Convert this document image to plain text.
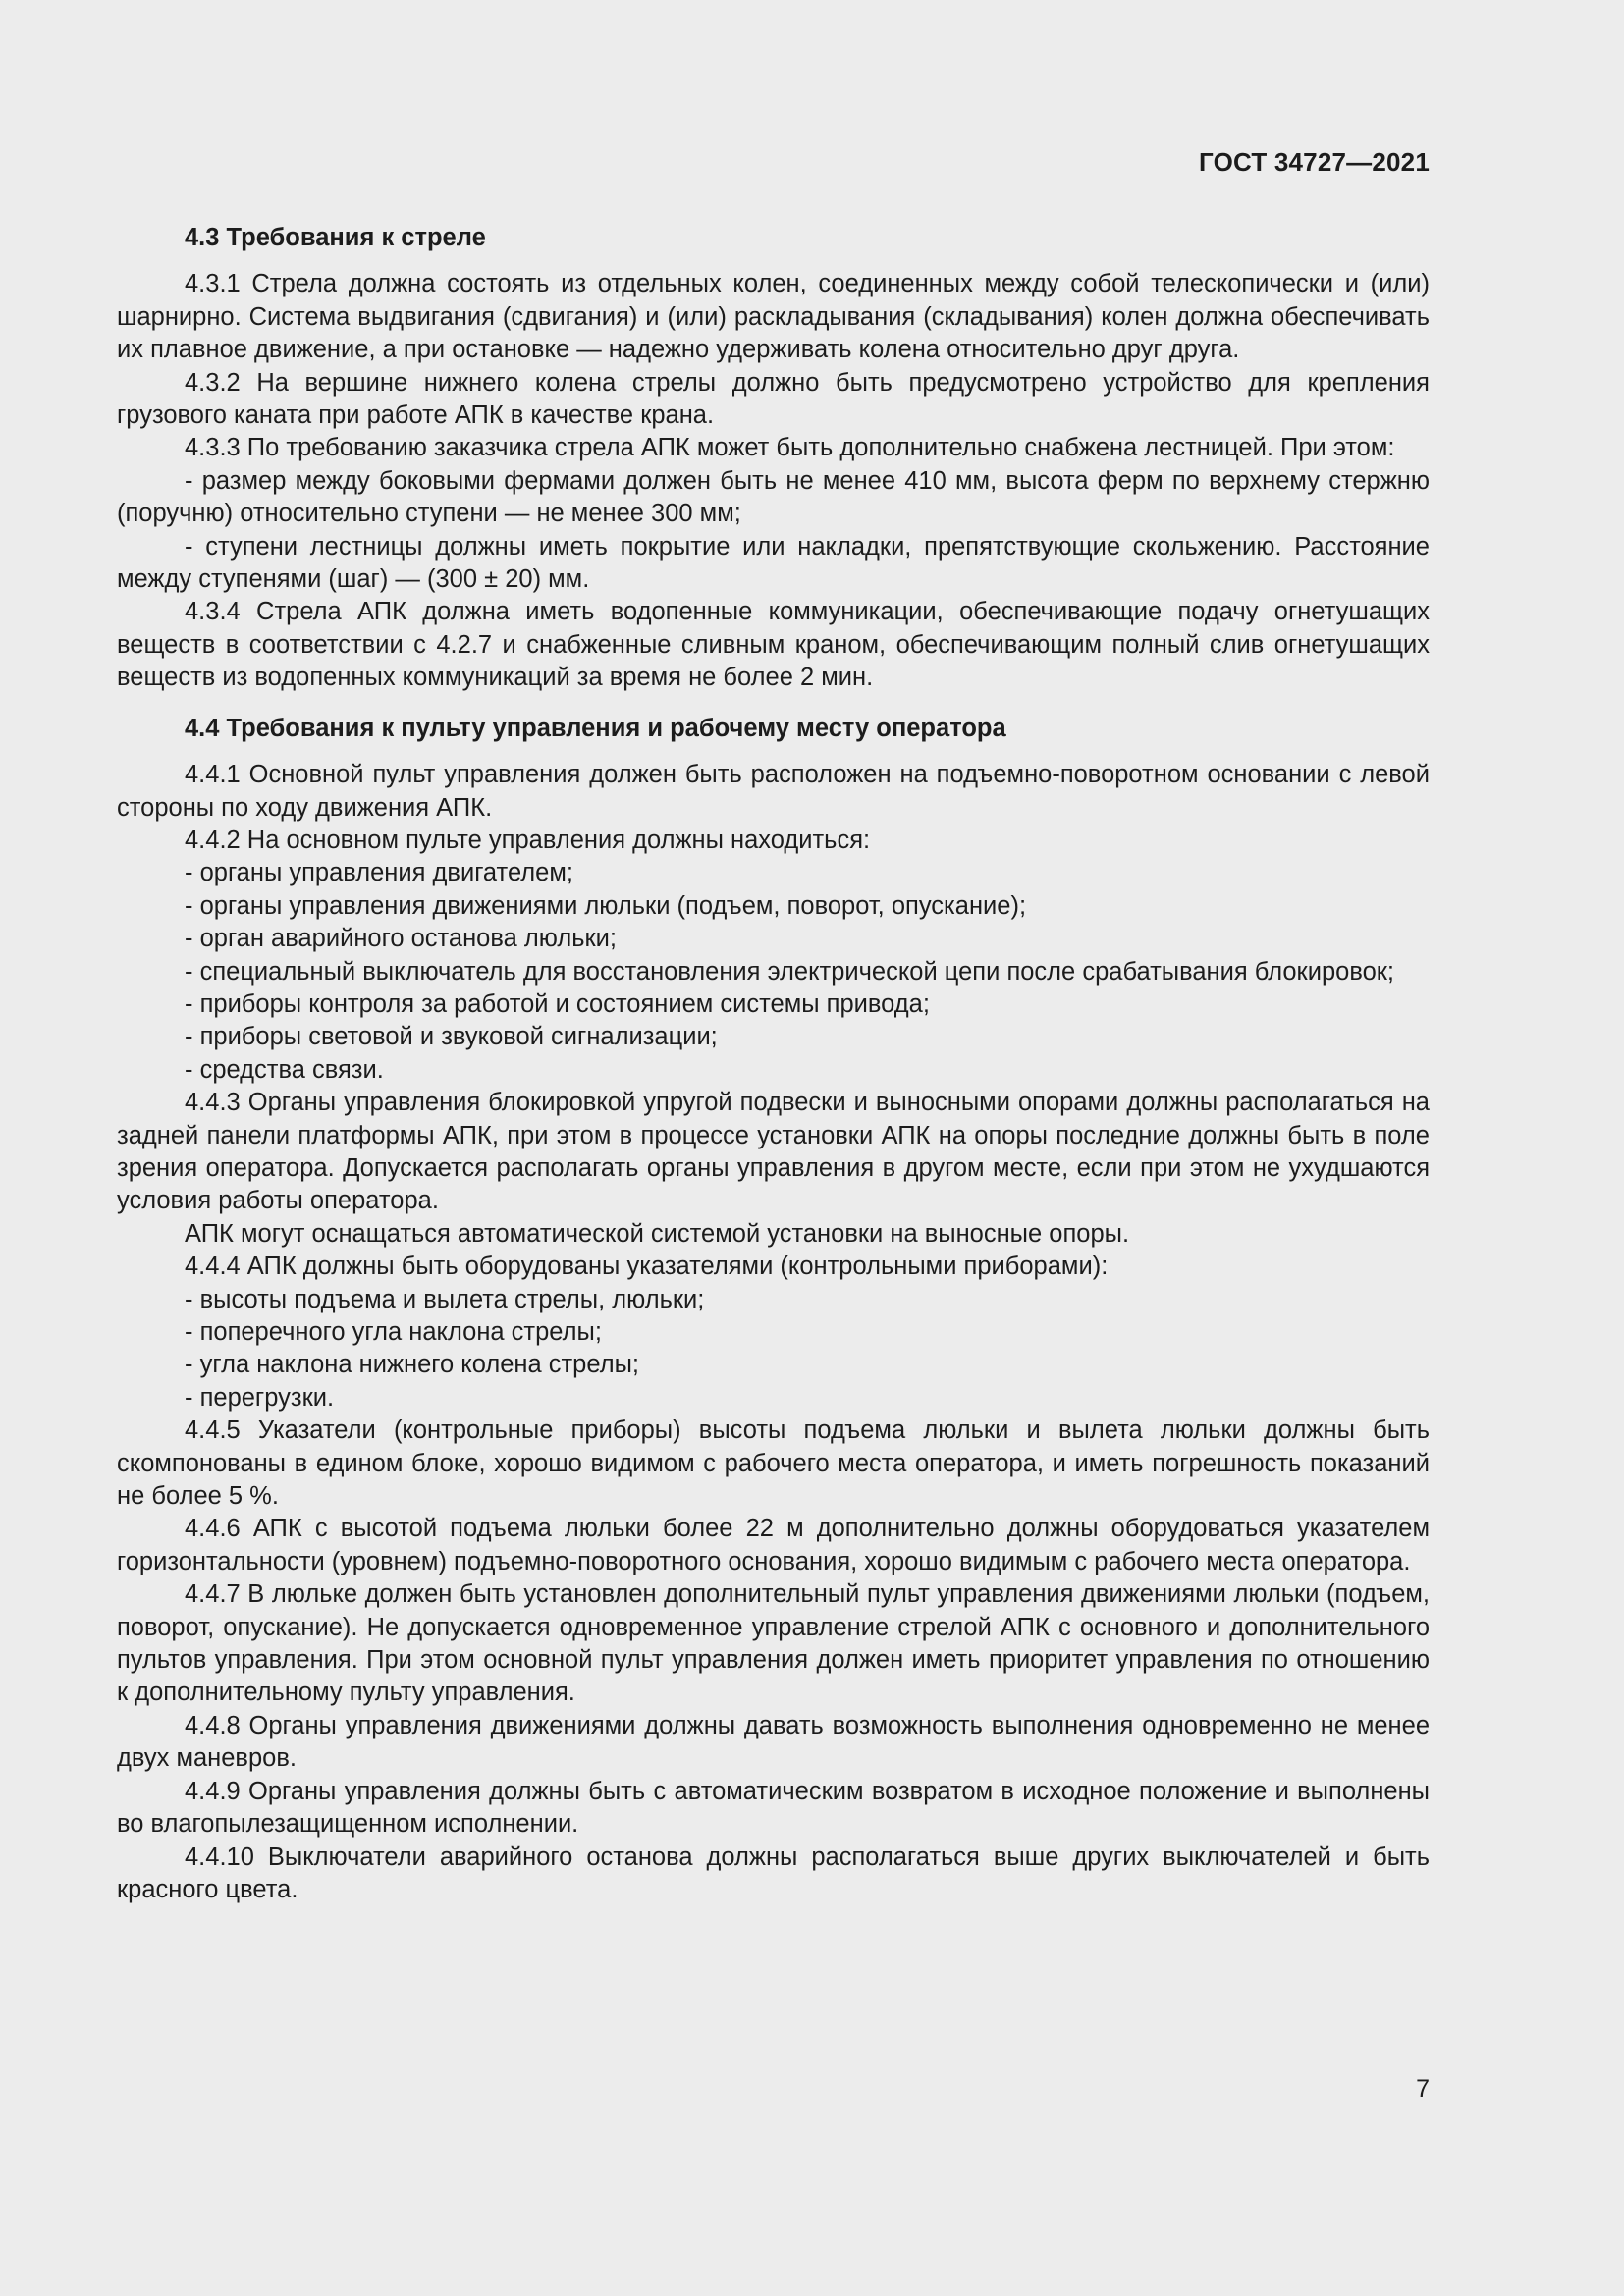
ГОСТ 34727—2021
4.3 Требования к стреле

4.3.1 Стрела должна состоять из отдельных колен, соединенных между собой телескопически и (или) шарнирно. Система выдвигания (сдвигания) и (или) раскладывания (складывания) колен должна обеспечивать их плавное движение, а при остановке — надежно удерживать колена относительно друг друга.

4.3.2 На вершине нижнего колена стрелы должно быть предусмотрено устройство для крепления грузового каната при работе АПК в качестве крана.

4.3.3 По требованию заказчика стрела АПК может быть дополнительно снабжена лестницей. При этом:

- размер между боковыми фермами должен быть не менее 410 мм, высота ферм по верхнему стержню (поручню) относительно ступени — не менее 300 мм;

- ступени лестницы должны иметь покрытие или накладки, препятствующие скольжению. Расстояние между ступенями (шаг) — (300 ± 20) мм.

4.3.4 Стрела АПК должна иметь водопенные коммуникации, обеспечивающие подачу огнетушащих веществ в соответствии с 4.2.7 и снабженные сливным краном, обеспечивающим полный слив огнетушащих веществ из водопенных коммуникаций за время не более 2 мин.

4.4 Требования к пульту управления и рабочему месту оператора

4.4.1 Основной пульт управления должен быть расположен на подъемно-поворотном основании с левой стороны по ходу движения АПК.

4.4.2 На основном пульте управления должны находиться:

- органы управления двигателем;

- органы управления движениями люльки (подъем, поворот, опускание);

- орган аварийного останова люльки;

- специальный выключатель для восстановления электрической цепи после срабатывания блокировок;

- приборы контроля за работой и состоянием системы привода;

- приборы световой и звуковой сигнализации;

- средства связи.

4.4.3 Органы управления блокировкой упругой подвески и выносными опорами должны располагаться на задней панели платформы АПК, при этом в процессе установки АПК на опоры последние должны быть в поле зрения оператора. Допускается располагать органы управления в другом месте, если при этом не ухудшаются условия работы оператора.

АПК могут оснащаться автоматической системой установки на выносные опоры.

4.4.4 АПК должны быть оборудованы указателями (контрольными приборами):

- высоты подъема и вылета стрелы, люльки;

- поперечного угла наклона стрелы;

- угла наклона нижнего колена стрелы;

- перегрузки.

4.4.5 Указатели (контрольные приборы) высоты подъема люльки и вылета люльки должны быть скомпонованы в едином блоке, хорошо видимом с рабочего места оператора, и иметь погрешность показаний не более 5 %.

4.4.6 АПК с высотой подъема люльки более 22 м дополнительно должны оборудоваться указателем горизонтальности (уровнем) подъемно-поворотного основания, хорошо видимым с рабочего места оператора.

4.4.7 В люльке должен быть установлен дополнительный пульт управления движениями люльки (подъем, поворот, опускание). Не допускается одновременное управление стрелой АПК с основного и дополнительного пультов управления. При этом основной пульт управления должен иметь приоритет управления по отношению к дополнительному пульту управления.

4.4.8 Органы управления движениями должны давать возможность выполнения одновременно не менее двух маневров.

4.4.9 Органы управления должны быть с автоматическим возвратом в исходное положение и выполнены во влагопылезащищенном исполнении.

4.4.10 Выключатели аварийного останова должны располагаться выше других выключателей и быть красного цвета.

7
